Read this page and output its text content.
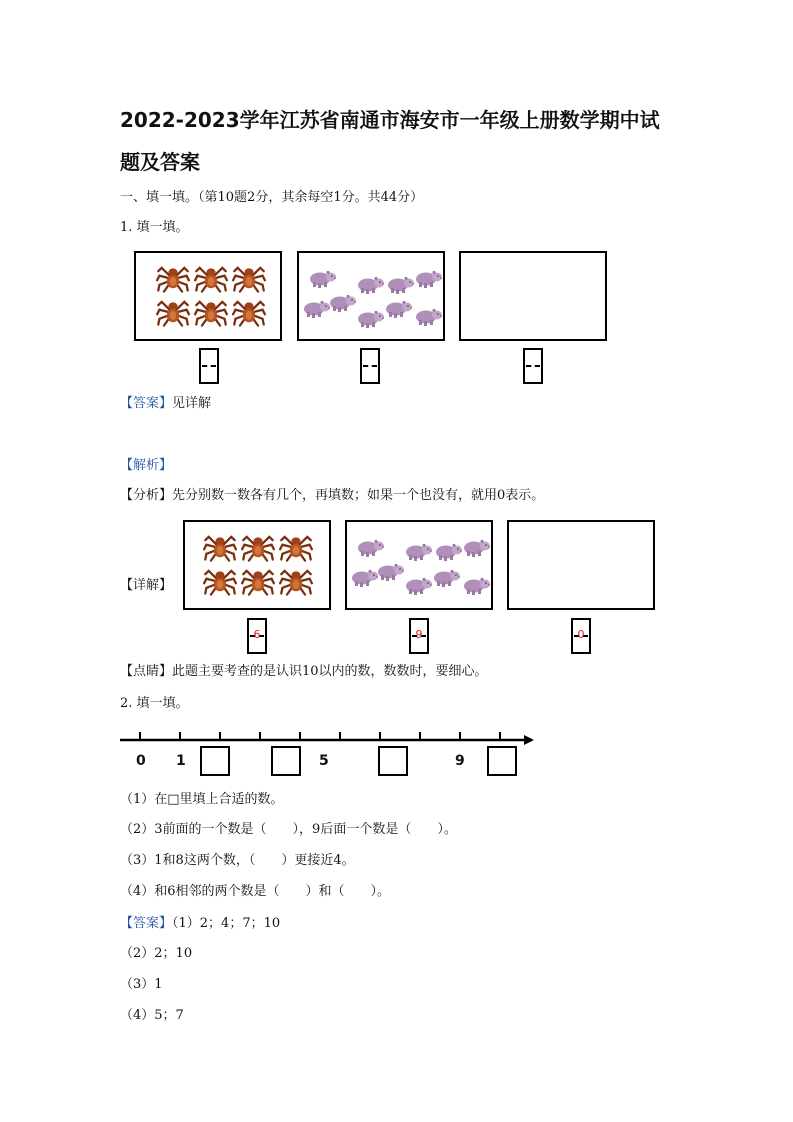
2022-2023学年江苏省南通市海安市一年级上册数学期中试
题及答案
一、填一填。（第10题2分，其余每空1分。共44分）
1. 填一填。
【答案】见详解
【解析】
【分析】先分别数一数各有几个，再填数；如果一个也没有，就用0表示。
【详解】
6	9	0
【点睛】此题主要考查的是认识10以内的数，数数时，要细心。
2. 填一填。
0 1	5	9
（1）在□里填上合适的数。
（2）3前面的一个数是（　　），9后面一个数是（　　）。
（3）1和8这两个数，（　　）更接近4。
（4）和6相邻的两个数是（　　）和（　　）。
【答案】（1）2；4；7；10
（2）2；10
（3）1
（4）5；7
